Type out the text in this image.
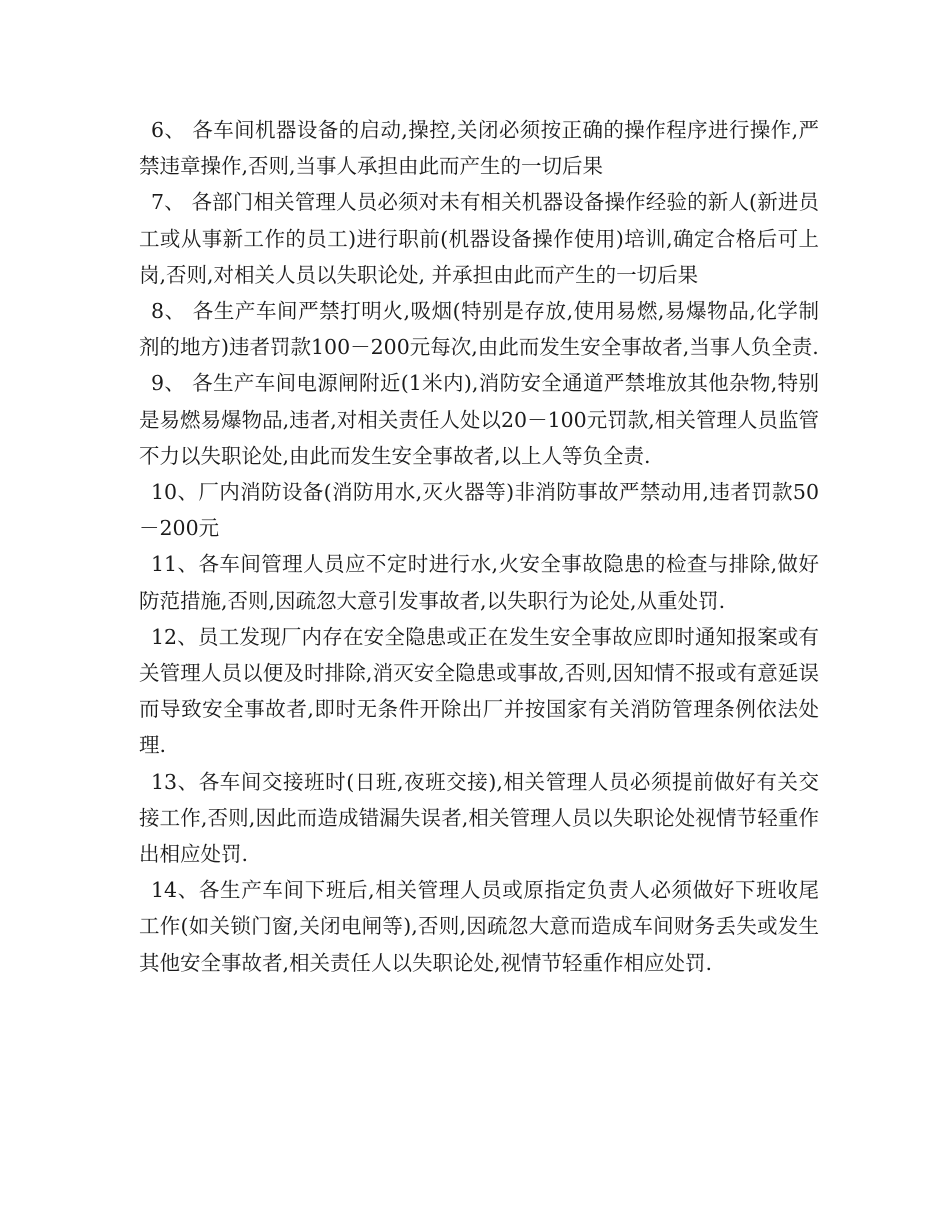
6、 各车间机器设备的启动,操控,关闭必须按正确的操作程序进行操作,严禁违章操作,否则,当事人承担由此而产生的一切后果

7、 各部门相关管理人员必须对未有相关机器设备操作经验的新人(新进员工或从事新工作的员工)进行职前(机器设备操作使用)培训,确定合格后可上岗,否则,对相关人员以失职论处, 并承担由此而产生的一切后果

8、 各生产车间严禁打明火,吸烟(特别是存放,使用易燃,易爆物品,化学制剂的地方)违者罚款100－200元每次,由此而发生安全事故者,当事人负全责.

9、 各生产车间电源闸附近(1米内),消防安全通道严禁堆放其他杂物,特别是易燃易爆物品,违者,对相关责任人处以20－100元罚款,相关管理人员监管不力以失职论处,由此而发生安全事故者,以上人等负全责.

10、厂内消防设备(消防用水,灭火器等)非消防事故严禁动用,违者罚款50－200元

11、各车间管理人员应不定时进行水,火安全事故隐患的检查与排除,做好防范措施,否则,因疏忽大意引发事故者,以失职行为论处,从重处罚.

12、员工发现厂内存在安全隐患或正在发生安全事故应即时通知报案或有关管理人员以便及时排除,消灭安全隐患或事故,否则,因知情不报或有意延误而导致安全事故者,即时无条件开除出厂并按国家有关消防管理条例依法处理.

13、各车间交接班时(日班,夜班交接),相关管理人员必须提前做好有关交接工作,否则,因此而造成错漏失误者,相关管理人员以失职论处视情节轻重作出相应处罚.

14、各生产车间下班后,相关管理人员或原指定负责人必须做好下班收尾工作(如关锁门窗,关闭电闸等),否则,因疏忽大意而造成车间财务丢失或发生其他安全事故者,相关责任人以失职论处,视情节轻重作相应处罚.
